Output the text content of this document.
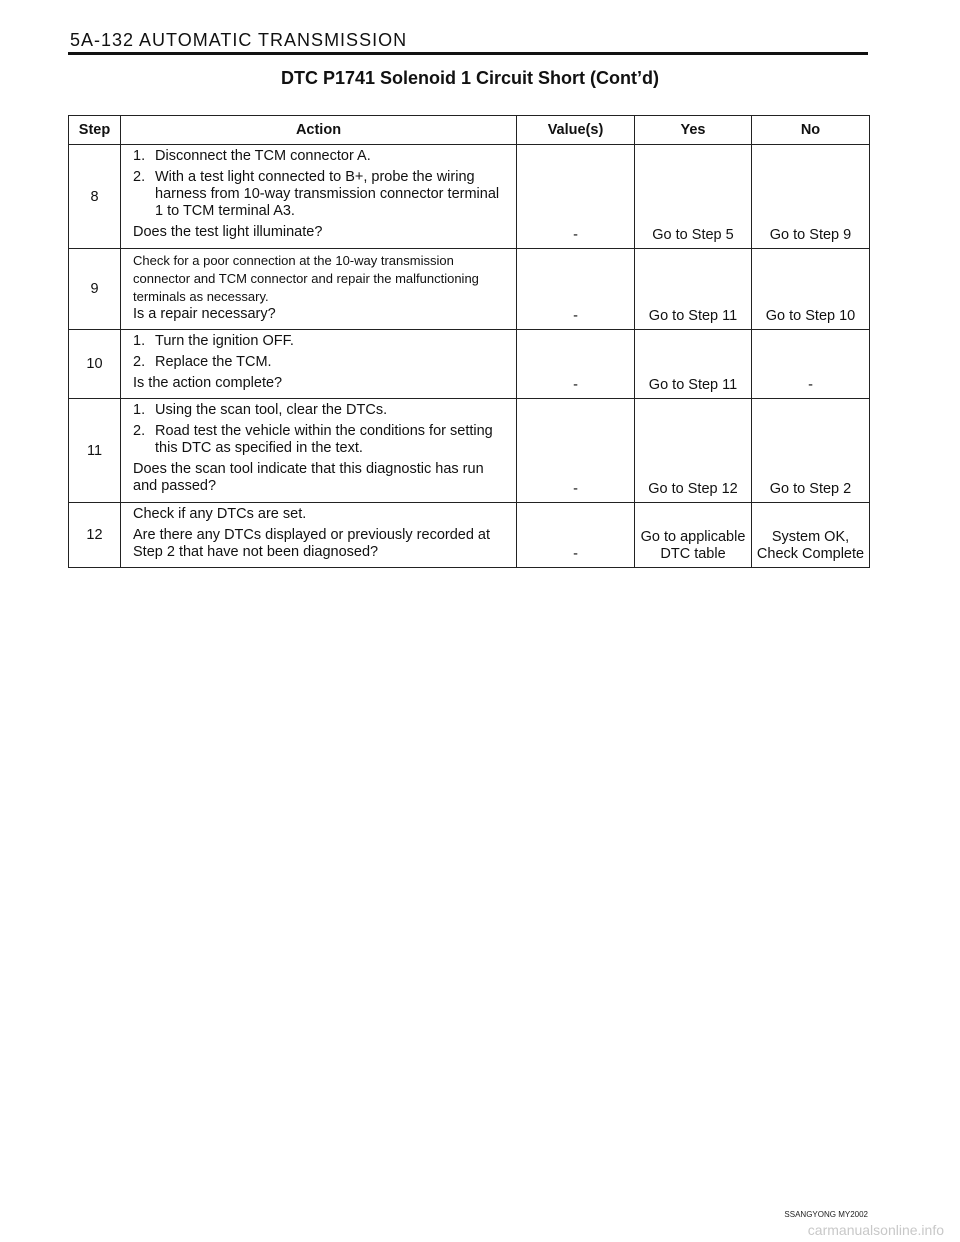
5A-132 AUTOMATIC TRANSMISSION
DTC P1741 Solenoid 1 Circuit Short (Cont’d)
Step	Action	Value(s)	Yes	No
8	1. Disconnect the TCM connector A.
2. With a test light connected to B+, probe the wiring harness from 10-way transmission connector terminal 1 to TCM terminal A3.
Does the test light illuminate?	-	Go to Step 5	Go to Step 9
9	Check for a poor connection at the 10-way transmission connector and TCM connector and repair the malfunctioning terminals as necessary.
Is a repair necessary?	-	Go to Step 11	Go to Step 10
10	1. Turn the ignition OFF.
2. Replace the TCM.
Is the action complete?	-	Go to Step 11	-
11	1. Using the scan tool, clear the DTCs.
2. Road test the vehicle within the conditions for setting this DTC as specified in the text.
Does the scan tool indicate that this diagnostic has run and passed?	-	Go to Step 12	Go to Step 2
12	Check if any DTCs are set.
Are there any DTCs displayed or previously recorded at Step 2 that have not been diagnosed?	-	Go to applicable DTC table	System OK, Check Complete
SSANGYONG MY2002
carmanualsonline.info
